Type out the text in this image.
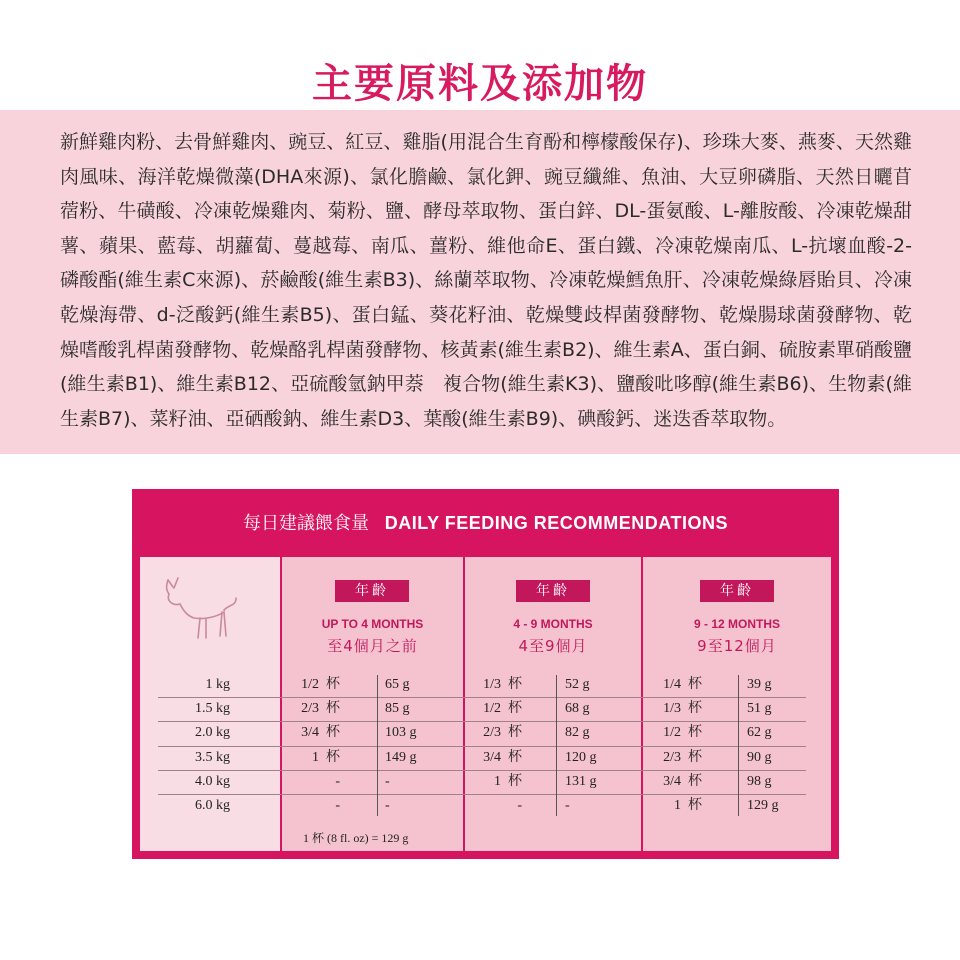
主要原料及添加物

新鮮雞肉粉、去骨鮮雞肉、豌豆、紅豆、雞脂(用混合生育酚和檸檬酸保存)、珍珠大麥、燕麥、天然雞肉風味、海洋乾燥微藻(DHA來源)、氯化膽鹼、氯化鉀、豌豆纖維、魚油、大豆卵磷脂、天然日曬苜蓿粉、牛磺酸、冷凍乾燥雞肉、菊粉、鹽、酵母萃取物、蛋白鋅、DL-蛋氨酸、L-離胺酸、冷凍乾燥甜薯、蘋果、藍莓、胡蘿蔔、蔓越莓、南瓜、薑粉、維他命E、蛋白鐵、冷凍乾燥南瓜、L-抗壞血酸-2-磷酸酯(維生素C來源)、菸鹼酸(維生素B3)、絲蘭萃取物、冷凍乾燥鱈魚肝、冷凍乾燥綠唇貽貝、冷凍乾燥海帶、d-泛酸鈣(維生素B5)、蛋白錳、葵花籽油、乾燥雙歧桿菌發酵物、乾燥腸球菌發酵物、乾燥嗜酸乳桿菌發酵物、乾燥酪乳桿菌發酵物、核黃素(維生素B2)、維生素A、蛋白銅、硫胺素單硝酸鹽(維生素B1)、維生素B12、亞硫酸氫鈉甲萘　複合物(維生素K3)、鹽酸吡哆醇(維生素B6)、生物素(維生素B7)、菜籽油、亞硒酸鈉、維生素D3、葉酸(維生素B9)、碘酸鈣、迷迭香萃取物。

每日建議餵食量 DAILY FEEDING RECOMMENDATIONS
年齡
UP TO 4 MONTHS
至4個月之前
年齡
4 - 9 MONTHS
4至9個月
年齡
9 - 12 MONTHS
9至12個月
1 kg	1/2  杯	65 g	1/3  杯	52 g	1/4  杯	39 g
1.5 kg	2/3  杯	85 g	1/2  杯	68 g	1/3  杯	51 g
2.0 kg	3/4  杯	103 g	2/3  杯	82 g	1/2  杯	62 g
3.5 kg	1  杯	149 g	3/4  杯	120 g	2/3  杯	90 g
4.0 kg	-	-	1  杯	131 g	3/4  杯	98 g
6.0 kg	-	-	-	-	1  杯	129 g
1 杯 (8 fl. oz) = 129 g
